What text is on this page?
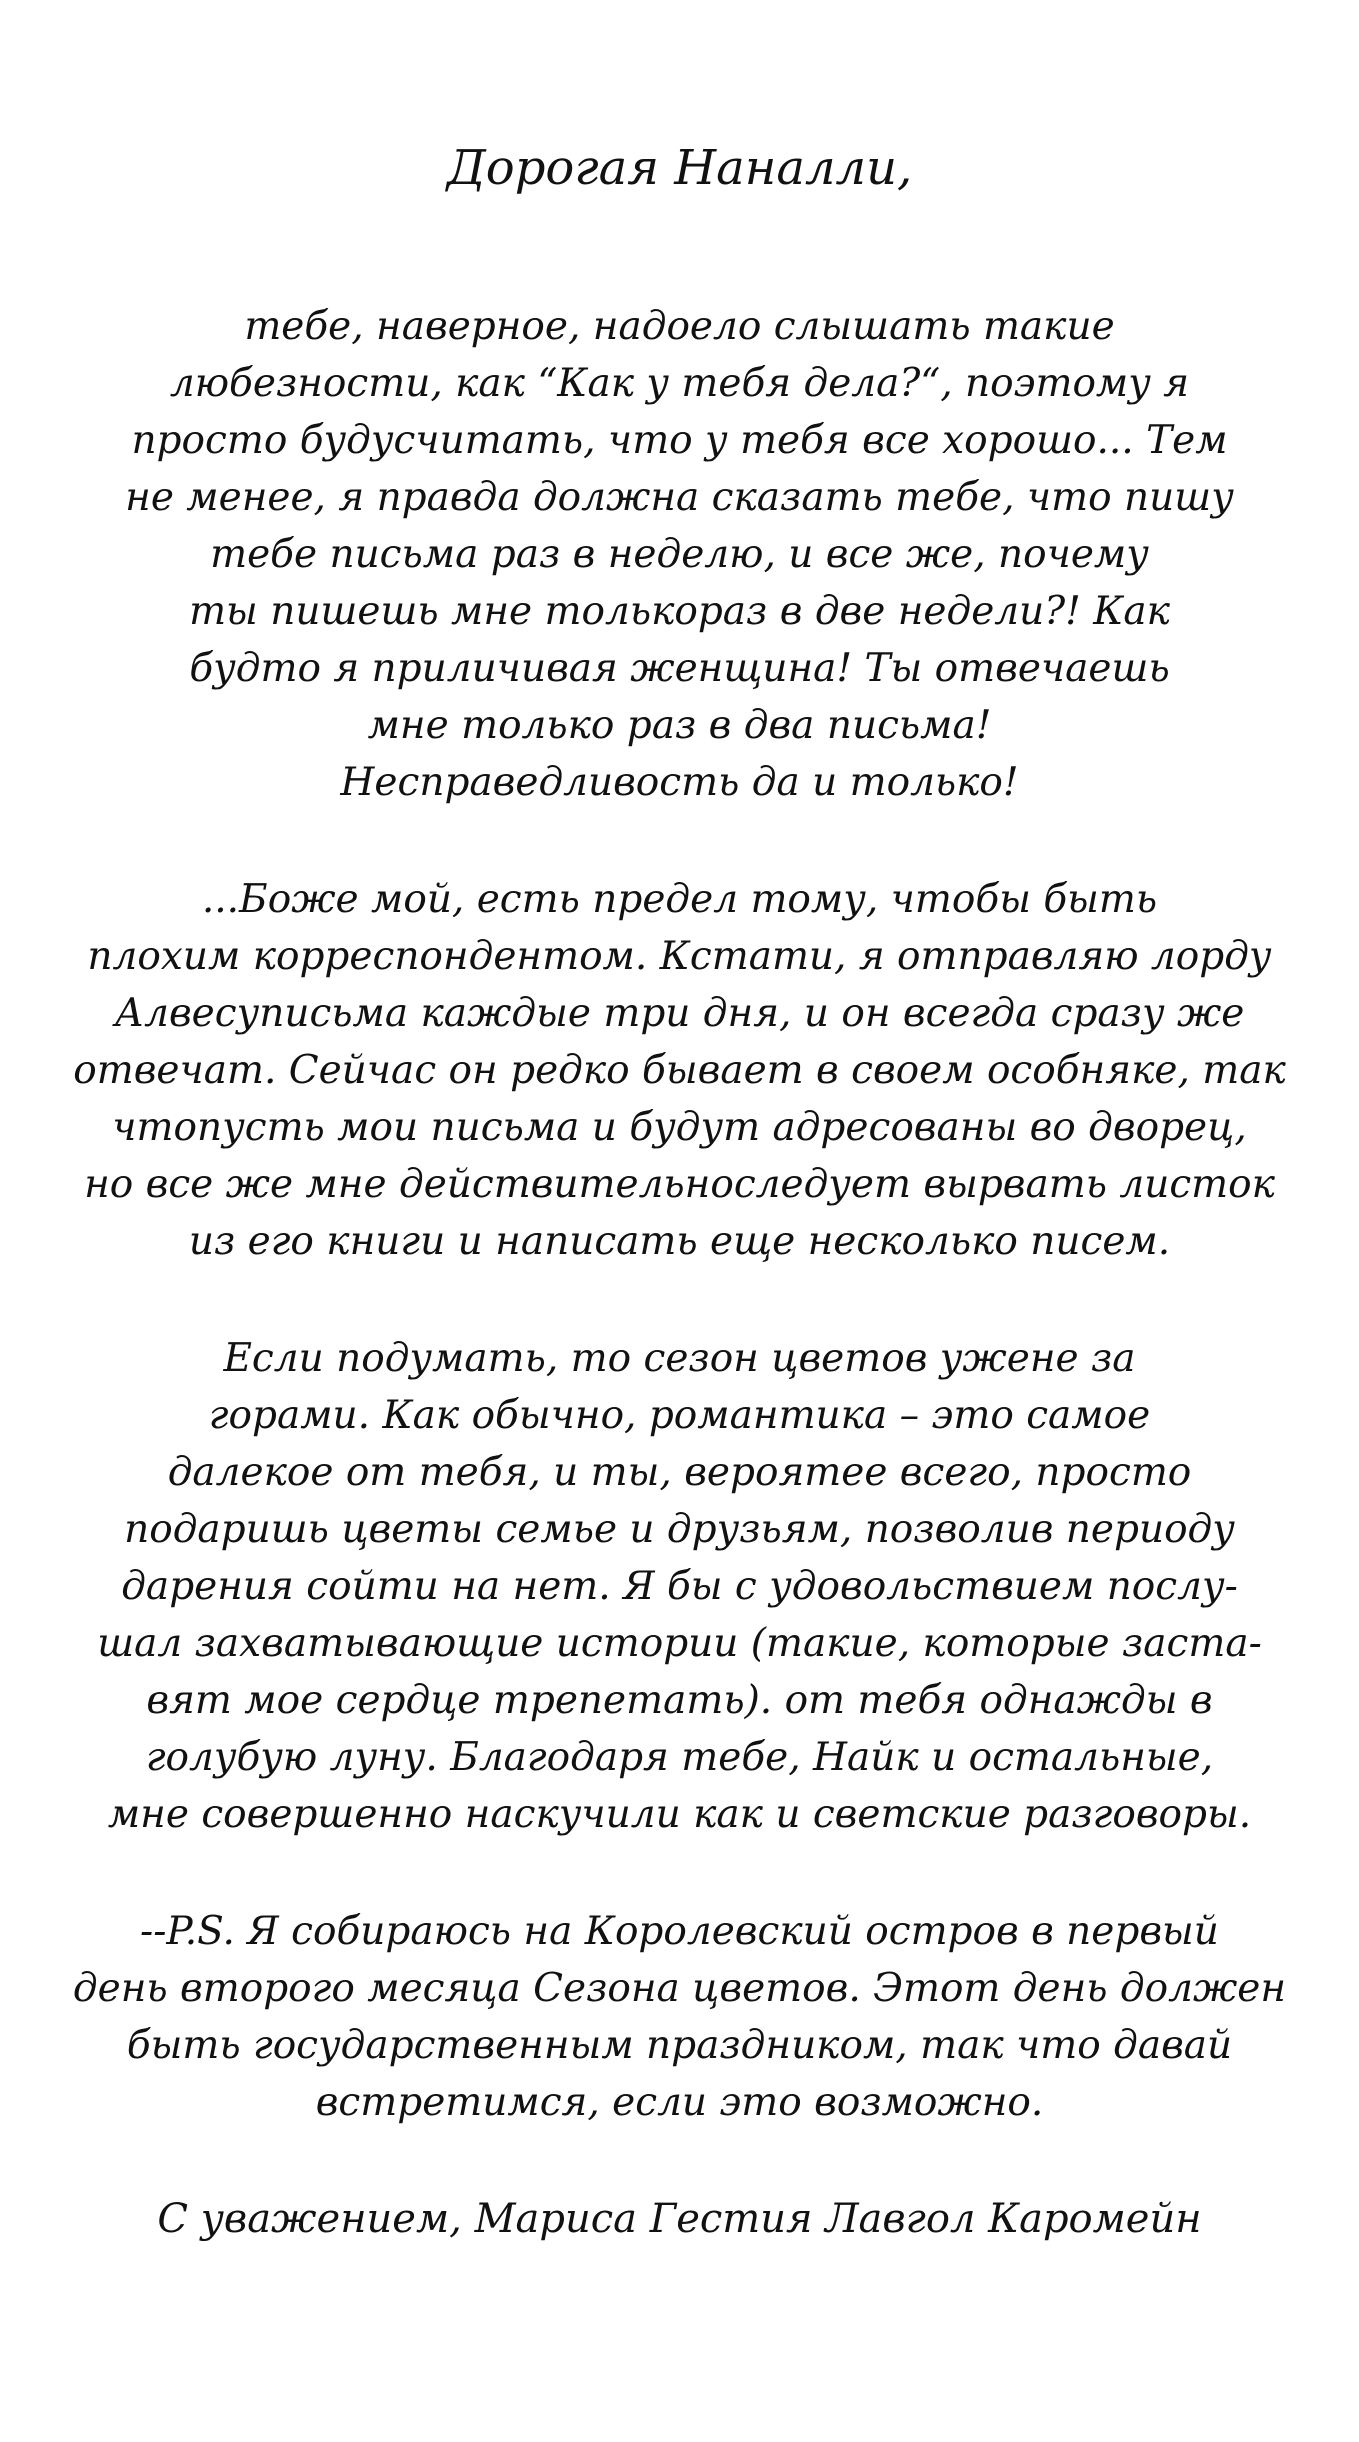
Дорогая Наналли,
тебе, наверное, надоело слышать такие
любезности, как “Как у тебя дела?“, поэтому я
просто будусчитать, что у тебя все хорошо... Тем
не менее, я правда должна сказать тебе, что пишу
тебе письма раз в неделю, и все же, почему
ты пишешь мне толькораз в две недели?! Как
будто я приличивая женщина! Ты отвечаешь
мне только раз в два письма!
Несправедливость да и только!
...Боже мой, есть предел тому, чтобы быть
плохим корреспондентом. Кстати, я отправляю лорду
Алвесуписьма каждые три дня, и он всегда сразу же
отвечат. Сейчас он редко бывает в своем особняке, так
чтопусть мои письма и будут адресованы во дворец,
но все же мне действительноследует вырвать листок
из его книги и написать еще несколько писем.
Если подумать, то сезон цветов ужене за
горами. Как обычно, романтика – это самое
далекое от тебя, и ты, вероятее всего, просто
подаришь цветы семье и друзьям, позволив периоду
дарения сойти на нет. Я бы с удовольствием послу-
шал захватывающие истории (такие, которые заста-
вят мое сердце трепетать). от тебя однажды в
голубую луну. Благодаря тебе, Найк и остальные,
мне совершенно наскучили как и светские разговоры.
--P.S. Я собираюсь на Королевский остров в первый
день второго месяца Сезона цветов. Этот день должен
быть государственным праздником, так что давай
встретимся, если это возможно.
С уважением, Мариса Гестия Лавгол Каромейн
